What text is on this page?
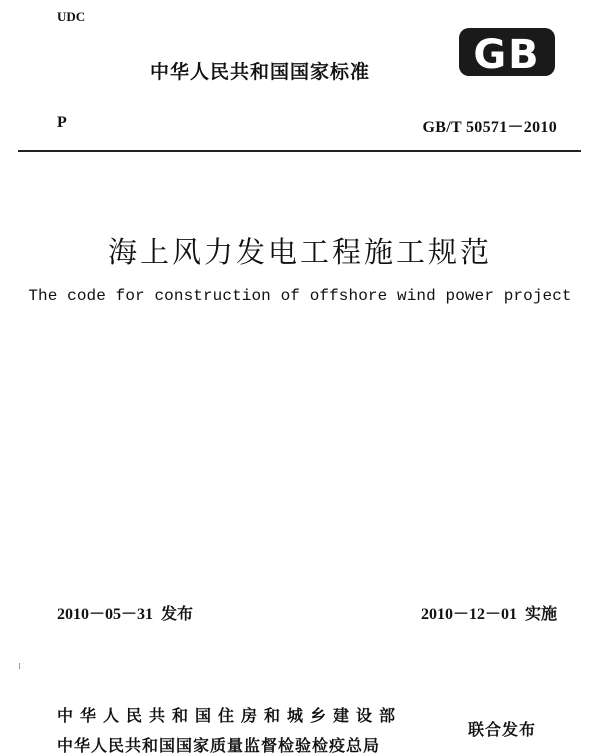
UDC
中华人民共和国国家标准	GB
P	GB/T 50571－2010
海上风力发电工程施工规范
The code for construction of offshore wind power project
2010－05－31  发布	2010－12－01  实施
中华人民共和国住房和城乡建设部
中华人民共和国国家质量监督检验检疫总局
联合发布
